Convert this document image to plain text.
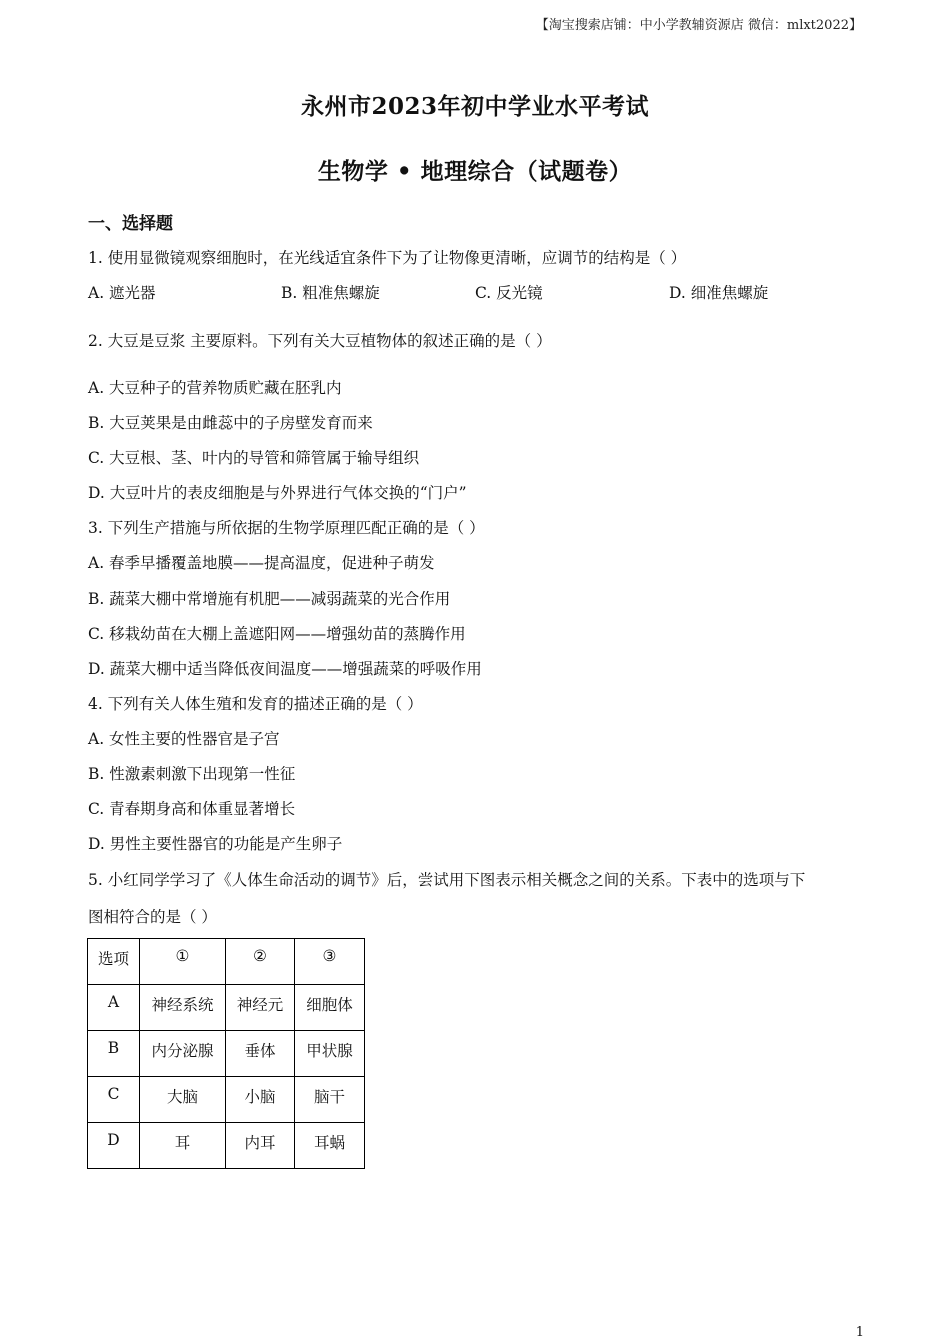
【淘宝搜索店铺：中小学教辅资源店 微信：mlxt2022】
永州市2023年初中学业水平考试
生物学 • 地理综合（试题卷）
一、选择题
1. 使用显微镜观察细胞时，在光线适宜条件下为了让物像更清晰，应调节的结构是（ ）
A. 遮光器	B. 粗准焦螺旋	C. 反光镜	D. 细准焦螺旋
2. 大豆是豆浆 主要原料。下列有关大豆植物体的叙述正确的是（ ）
A. 大豆种子的营养物质贮藏在胚乳内
B. 大豆荚果是由雌蕊中的子房壁发育而来
C. 大豆根、茎、叶内的导管和筛管属于输导组织
D. 大豆叶片的表皮细胞是与外界进行气体交换的“门户”
3. 下列生产措施与所依据的生物学原理匹配正确的是（ ）
A. 春季早播覆盖地膜——提高温度，促进种子萌发
B. 蔬菜大棚中常增施有机肥——减弱蔬菜的光合作用
C. 移栽幼苗在大棚上盖遮阳网——增强幼苗的蒸腾作用
D. 蔬菜大棚中适当降低夜间温度——增强蔬菜的呼吸作用
4. 下列有关人体生殖和发育的描述正确的是（ ）
A. 女性主要的性器官是子宫
B. 性激素刺激下出现第一性征
C. 青春期身高和体重显著增长
D. 男性主要性器官的功能是产生卵子
5. 小红同学学习了《人体生命活动的调节》后，尝试用下图表示相关概念之间的关系。下表中的选项与下
图相符合的是（ ）
选项	①	②	③
A	神经系统	神经元	细胞体
B	内分泌腺	垂体	甲状腺
C	大脑	小脑	脑干
D	耳	内耳	耳蜗
1
